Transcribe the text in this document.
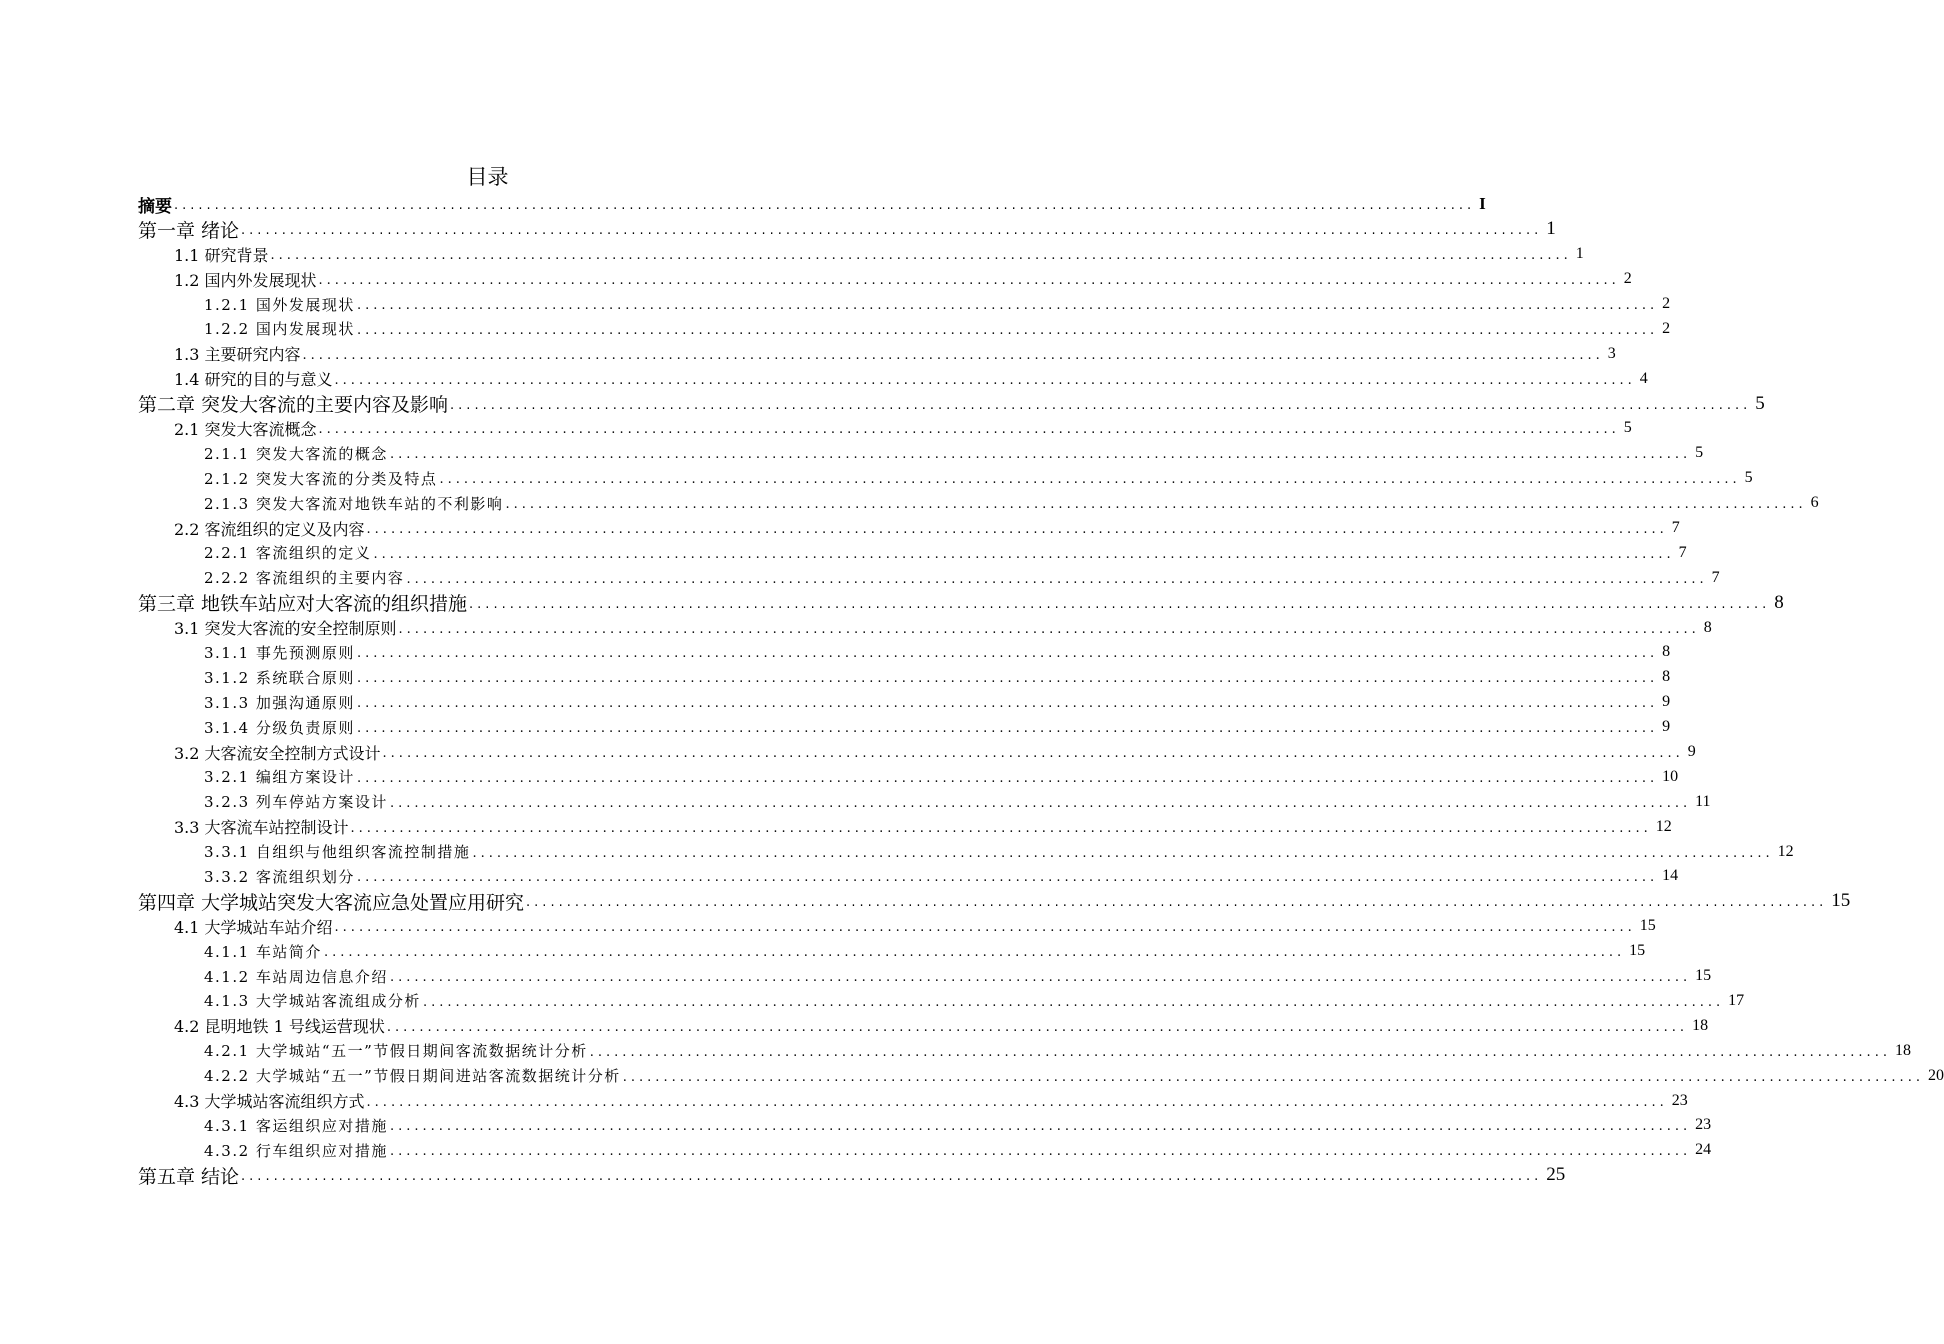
目录
摘要 ................................................................................................................................................................ I
第一章 绪论 ................................................................................................................................................................ 1
1.1 研究背景 ................................................................................................................................................................ 1
1.2 国内外发展现状 ................................................................................................................................................................ 2
1.2.1 国外发展现状 ................................................................................................................................................................ 2
1.2.2 国内发展现状 ................................................................................................................................................................ 2
1.3 主要研究内容 ................................................................................................................................................................ 3
1.4 研究的目的与意义 ................................................................................................................................................................ 4
第二章 突发大客流的主要内容及影响 ................................................................................................................................................................ 5
2.1 突发大客流概念 ................................................................................................................................................................ 5
2.1.1 突发大客流的概念 ................................................................................................................................................................ 5
2.1.2 突发大客流的分类及特点 ................................................................................................................................................................ 5
2.1.3 突发大客流对地铁车站的不利影响 ................................................................................................................................................................ 6
2.2 客流组织的定义及内容 ................................................................................................................................................................ 7
2.2.1 客流组织的定义 ................................................................................................................................................................ 7
2.2.2 客流组织的主要内容 ................................................................................................................................................................ 7
第三章 地铁车站应对大客流的组织措施 ................................................................................................................................................................ 8
3.1 突发大客流的安全控制原则 ................................................................................................................................................................ 8
3.1.1 事先预测原则 ................................................................................................................................................................ 8
3.1.2 系统联合原则 ................................................................................................................................................................ 8
3.1.3 加强沟通原则 ................................................................................................................................................................ 9
3.1.4 分级负责原则 ................................................................................................................................................................ 9
3.2 大客流安全控制方式设计 ................................................................................................................................................................ 9
3.2.1 编组方案设计 ................................................................................................................................................................ 10
3.2.3 列车停站方案设计 ................................................................................................................................................................ 11
3.3 大客流车站控制设计 ................................................................................................................................................................ 12
3.3.1 自组织与他组织客流控制措施 ................................................................................................................................................................ 12
3.3.2 客流组织划分 ................................................................................................................................................................ 14
第四章 大学城站突发大客流应急处置应用研究 ................................................................................................................................................................ 15
4.1 大学城站车站介绍 ................................................................................................................................................................ 15
4.1.1 车站简介 ................................................................................................................................................................ 15
4.1.2 车站周边信息介绍 ................................................................................................................................................................ 15
4.1.3 大学城站客流组成分析 ................................................................................................................................................................ 17
4.2 昆明地铁 1 号线运营现状 ................................................................................................................................................................ 18
4.2.1 大学城站“五一”节假日期间客流数据统计分析 ................................................................................................................................................................ 18
4.2.2 大学城站“五一”节假日期间进站客流数据统计分析 ................................................................................................................................................................ 20
4.3 大学城站客流组织方式 ................................................................................................................................................................ 23
4.3.1 客运组织应对措施 ................................................................................................................................................................ 23
4.3.2 行车组织应对措施 ................................................................................................................................................................ 24
第五章 结论 ................................................................................................................................................................ 25
